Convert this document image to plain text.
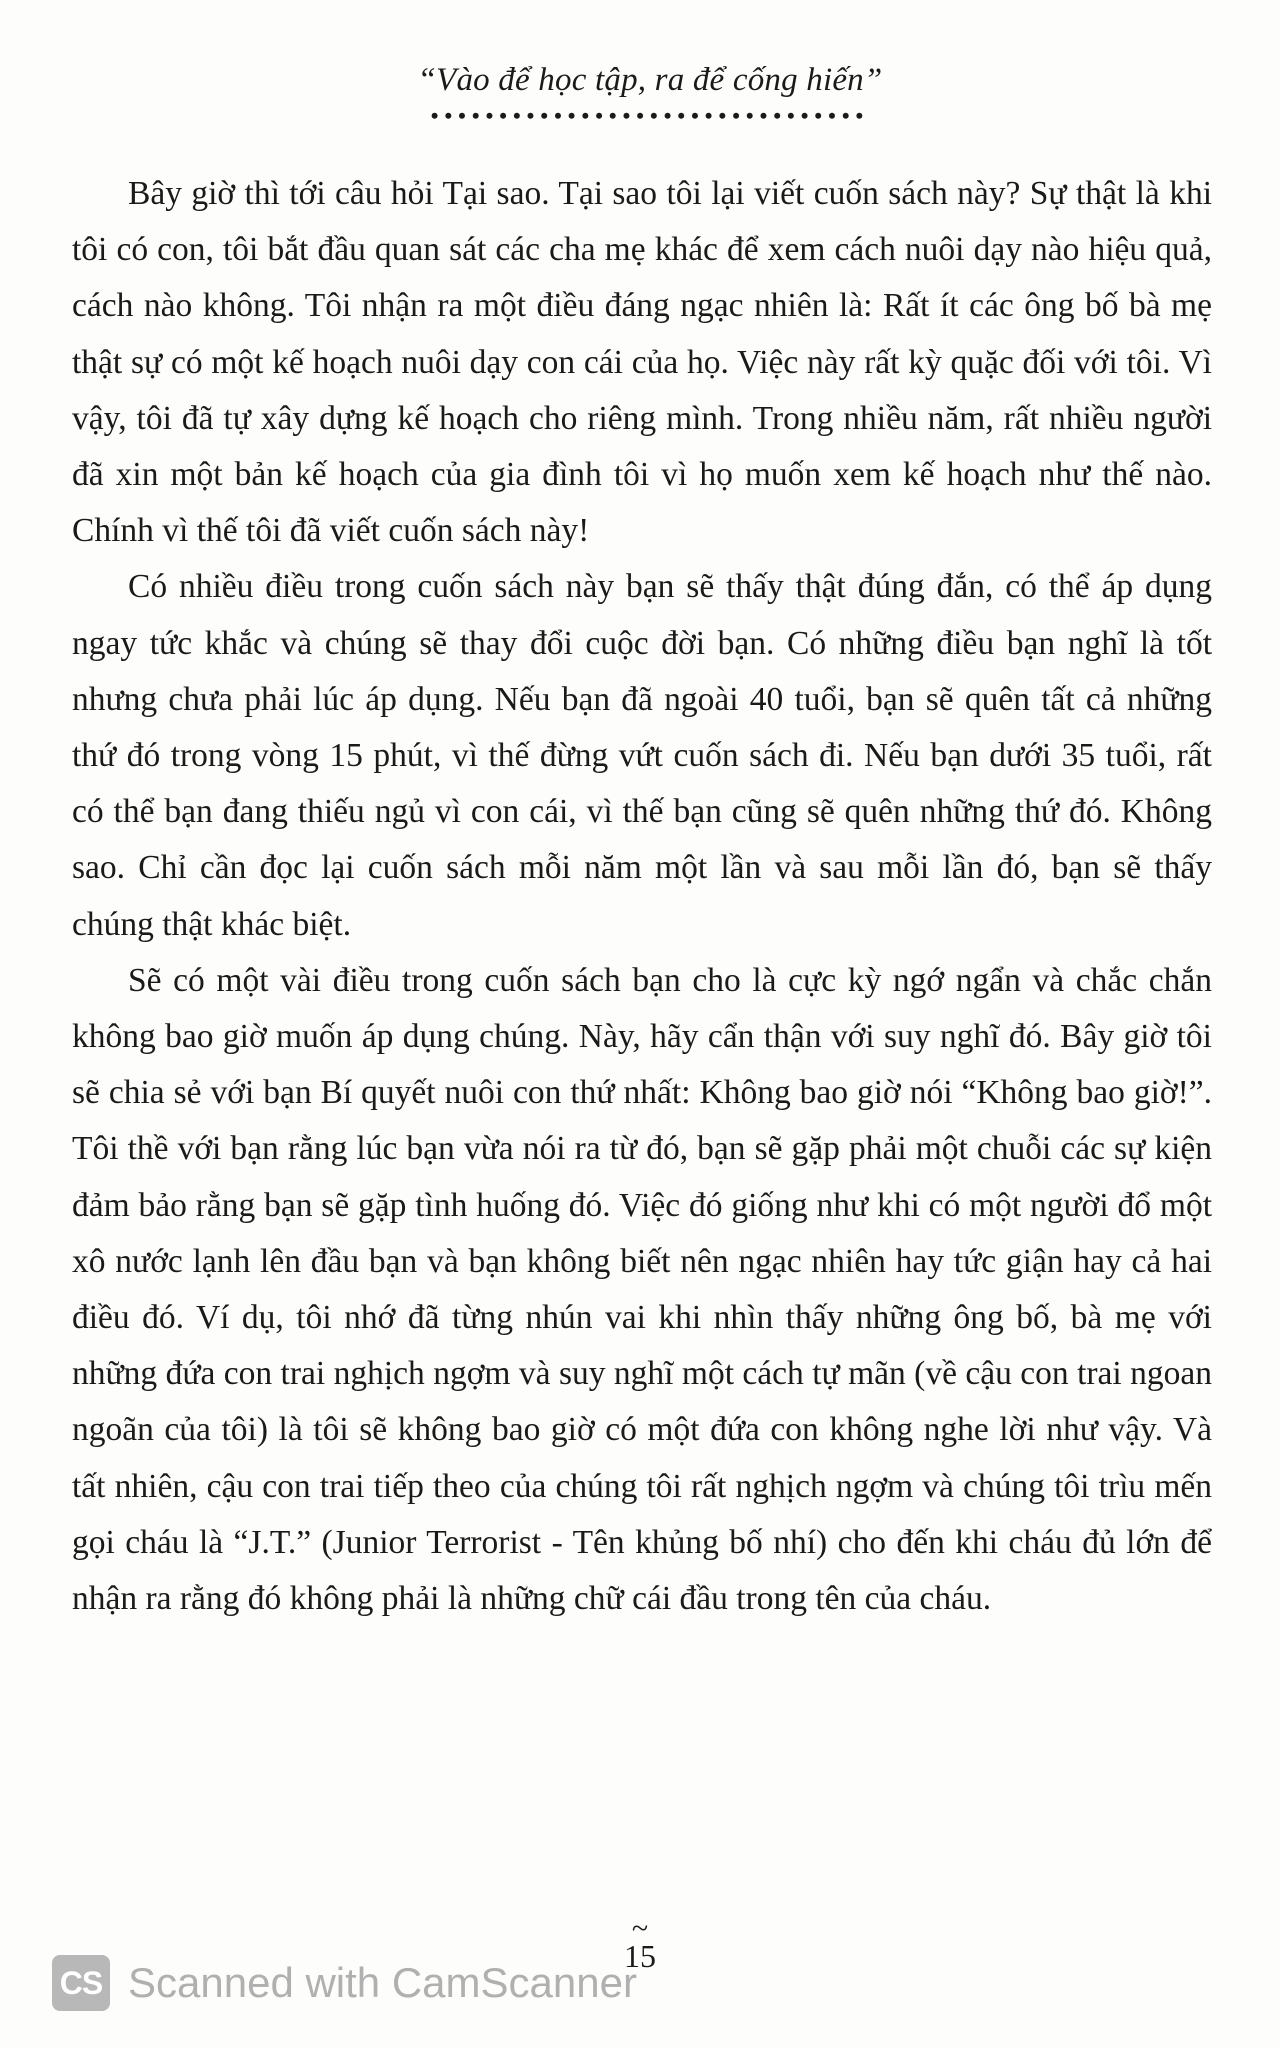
“Vào để học tập, ra để cống hiến”
••••••••••••••••••••••••••••••••

Bây giờ thì tới câu hỏi Tại sao. Tại sao tôi lại viết cuốn sách này? Sự thật là khi tôi có con, tôi bắt đầu quan sát các cha mẹ khác để xem cách nuôi dạy nào hiệu quả, cách nào không. Tôi nhận ra một điều đáng ngạc nhiên là: Rất ít các ông bố bà mẹ thật sự có một kế hoạch nuôi dạy con cái của họ. Việc này rất kỳ quặc đối với tôi. Vì vậy, tôi đã tự xây dựng kế hoạch cho riêng mình. Trong nhiều năm, rất nhiều người đã xin một bản kế hoạch của gia đình tôi vì họ muốn xem kế hoạch như thế nào. Chính vì thế tôi đã viết cuốn sách này!

Có nhiều điều trong cuốn sách này bạn sẽ thấy thật đúng đắn, có thể áp dụng ngay tức khắc và chúng sẽ thay đổi cuộc đời bạn. Có những điều bạn nghĩ là tốt nhưng chưa phải lúc áp dụng. Nếu bạn đã ngoài 40 tuổi, bạn sẽ quên tất cả những thứ đó trong vòng 15 phút, vì thế đừng vứt cuốn sách đi. Nếu bạn dưới 35 tuổi, rất có thể bạn đang thiếu ngủ vì con cái, vì thế bạn cũng sẽ quên những thứ đó. Không sao. Chỉ cần đọc lại cuốn sách mỗi năm một lần và sau mỗi lần đó, bạn sẽ thấy chúng thật khác biệt.

Sẽ có một vài điều trong cuốn sách bạn cho là cực kỳ ngớ ngẩn và chắc chắn không bao giờ muốn áp dụng chúng. Này, hãy cẩn thận với suy nghĩ đó. Bây giờ tôi sẽ chia sẻ với bạn Bí quyết nuôi con thứ nhất: Không bao giờ nói “Không bao giờ!”. Tôi thề với bạn rằng lúc bạn vừa nói ra từ đó, bạn sẽ gặp phải một chuỗi các sự kiện đảm bảo rằng bạn sẽ gặp tình huống đó. Việc đó giống như khi có một người đổ một xô nước lạnh lên đầu bạn và bạn không biết nên ngạc nhiên hay tức giận hay cả hai điều đó. Ví dụ, tôi nhớ đã từng nhún vai khi nhìn thấy những ông bố, bà mẹ với những đứa con trai nghịch ngợm và suy nghĩ một cách tự mãn (về cậu con trai ngoan ngoãn của tôi) là tôi sẽ không bao giờ có một đứa con không nghe lời như vậy. Và tất nhiên, cậu con trai tiếp theo của chúng tôi rất nghịch ngợm và chúng tôi trìu mến gọi cháu là “J.T.” (Junior Terrorist - Tên khủng bố nhí) cho đến khi cháu đủ lớn để nhận ra rằng đó không phải là những chữ cái đầu trong tên của cháu.

~
15
CS Scanned with CamScanner
